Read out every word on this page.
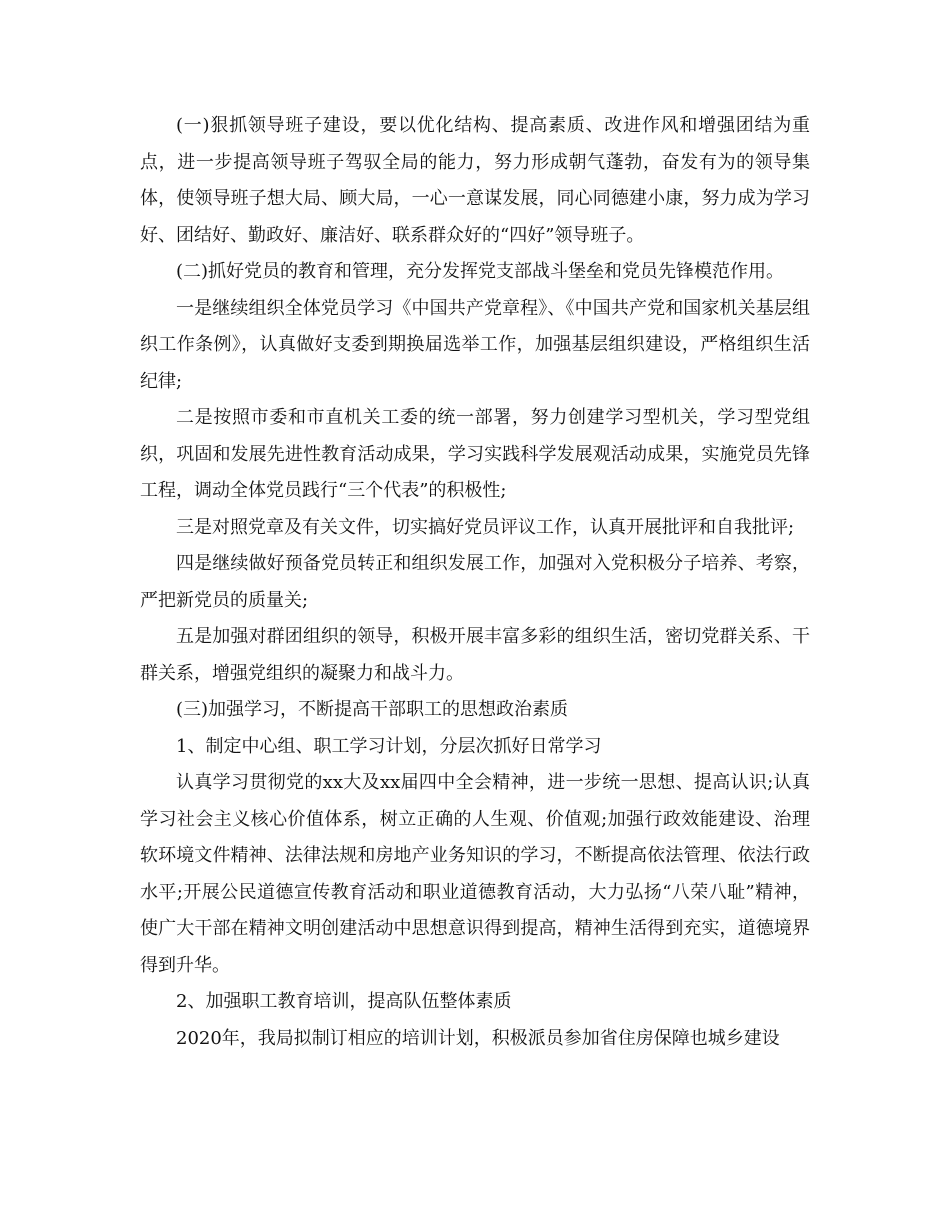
(一)狠抓领导班子建设，要以优化结构、提高素质、改进作风和增强团结为重点，进一步提高领导班子驾驭全局的能力，努力形成朝气蓬勃，奋发有为的领导集体，使领导班子想大局、顾大局，一心一意谋发展，同心同德建小康，努力成为学习好、团结好、勤政好、廉洁好、联系群众好的“四好”领导班子。

(二)抓好党员的教育和管理，充分发挥党支部战斗堡垒和党员先锋模范作用。

一是继续组织全体党员学习《中国共产党章程》、《中国共产党和国家机关基层组织工作条例》，认真做好支委到期换届选举工作，加强基层组织建设，严格组织生活纪律;

二是按照市委和市直机关工委的统一部署，努力创建学习型机关，学习型党组织，巩固和发展先进性教育活动成果，学习实践科学发展观活动成果，实施党员先锋工程，调动全体党员践行“三个代表”的积极性;

三是对照党章及有关文件，切实搞好党员评议工作，认真开展批评和自我批评;

四是继续做好预备党员转正和组织发展工作，加强对入党积极分子培养、考察，严把新党员的质量关;

五是加强对群团组织的领导，积极开展丰富多彩的组织生活，密切党群关系、干群关系，增强党组织的凝聚力和战斗力。

(三)加强学习，不断提高干部职工的思想政治素质

1、制定中心组、职工学习计划，分层次抓好日常学习

认真学习贯彻党的xx大及xx届四中全会精神，进一步统一思想、提高认识;认真学习社会主义核心价值体系，树立正确的人生观、价值观;加强行政效能建设、治理软环境文件精神、法律法规和房地产业务知识的学习，不断提高依法管理、依法行政水平;开展公民道德宣传教育活动和职业道德教育活动，大力弘扬“八荣八耻”精神，使广大干部在精神文明创建活动中思想意识得到提高，精神生活得到充实，道德境界得到升华。

2、加强职工教育培训，提高队伍整体素质

2020年，我局拟制订相应的培训计划，积极派员参加省住房保障也城乡建设
